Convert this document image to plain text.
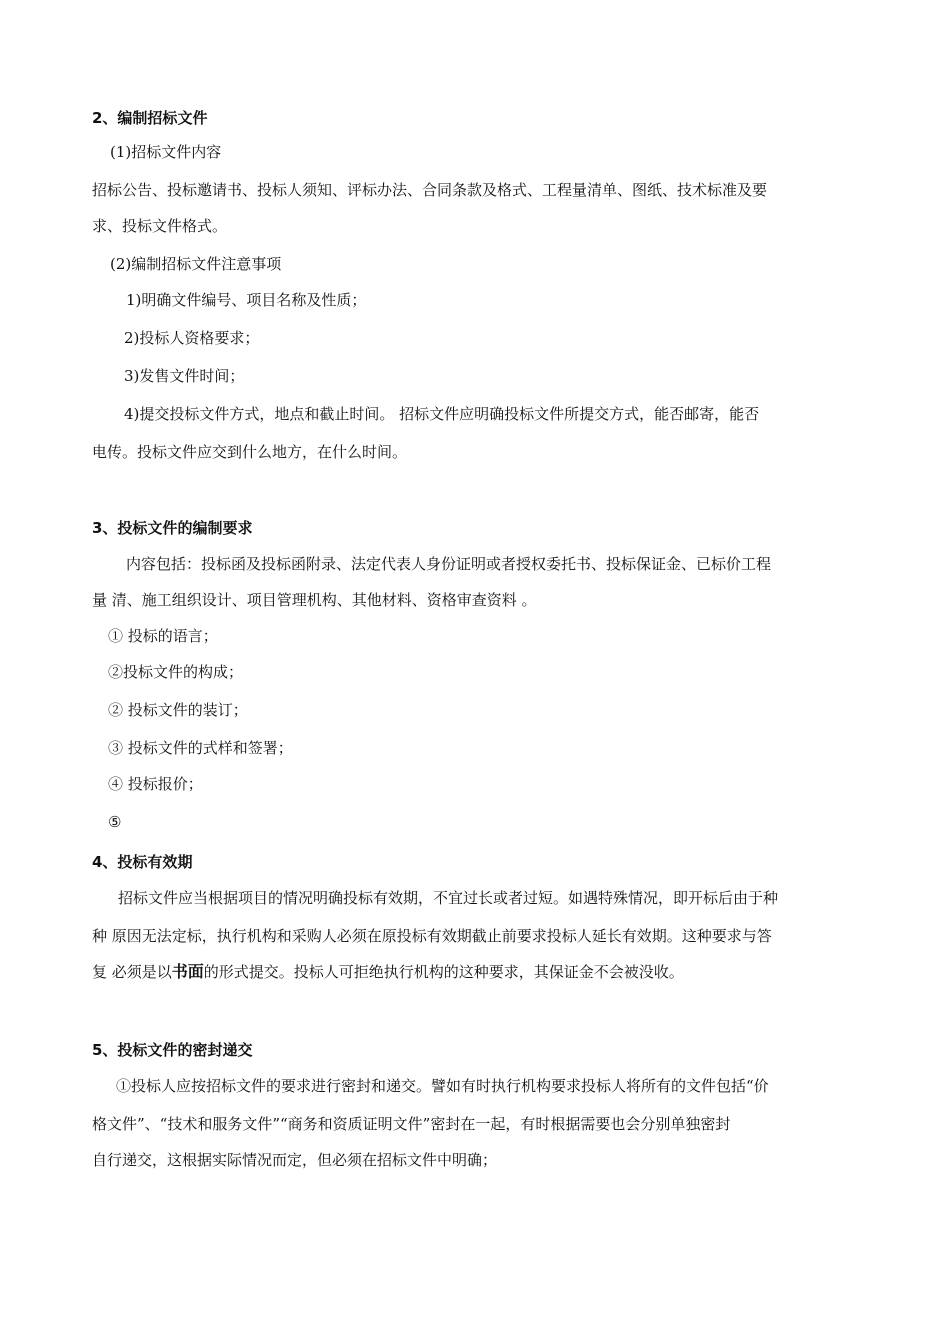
2、编制招标文件
(1)招标文件内容
招标公告、投标邀请书、投标人须知、评标办法、合同条款及格式、工程量清单、图纸、技术标准及要
求、投标文件格式。
(2)编制招标文件注意事项
1)明确文件编号、项目名称及性质；
2)投标人资格要求；
3)发售文件时间；
4)提交投标文件方式，地点和截止时间。 招标文件应明确投标文件所提交方式，能否邮寄，能否
电传。投标文件应交到什么地方，在什么时间。
3、投标文件的编制要求
内容包括：投标函及投标函附录、法定代表人身份证明或者授权委托书、投标保证金、已标价工程
量 清、施工组织设计、项目管理机构、其他材料、资格审查资料 。
① 投标的语言；
②投标文件的构成；
② 投标文件的装订；
③ 投标文件的式样和签署；
④ 投标报价；
⑤
4、投标有效期
招标文件应当根据项目的情况明确投标有效期，不宜过长或者过短。如遇特殊情况，即开标后由于种
种 原因无法定标，执行机构和采购人必须在原投标有效期截止前要求投标人延长有效期。这种要求与答
复 必须是以书面的形式提交。投标人可拒绝执行机构的这种要求，其保证金不会被没收。
5、投标文件的密封递交
①投标人应按招标文件的要求进行密封和递交。譬如有时执行机构要求投标人将所有的文件包括“价
格文件”、“技术和服务文件”“商务和资质证明文件”密封在一起，有时根据需要也会分别单独密封
自行递交，这根据实际情况而定，但必须在招标文件中明确；
